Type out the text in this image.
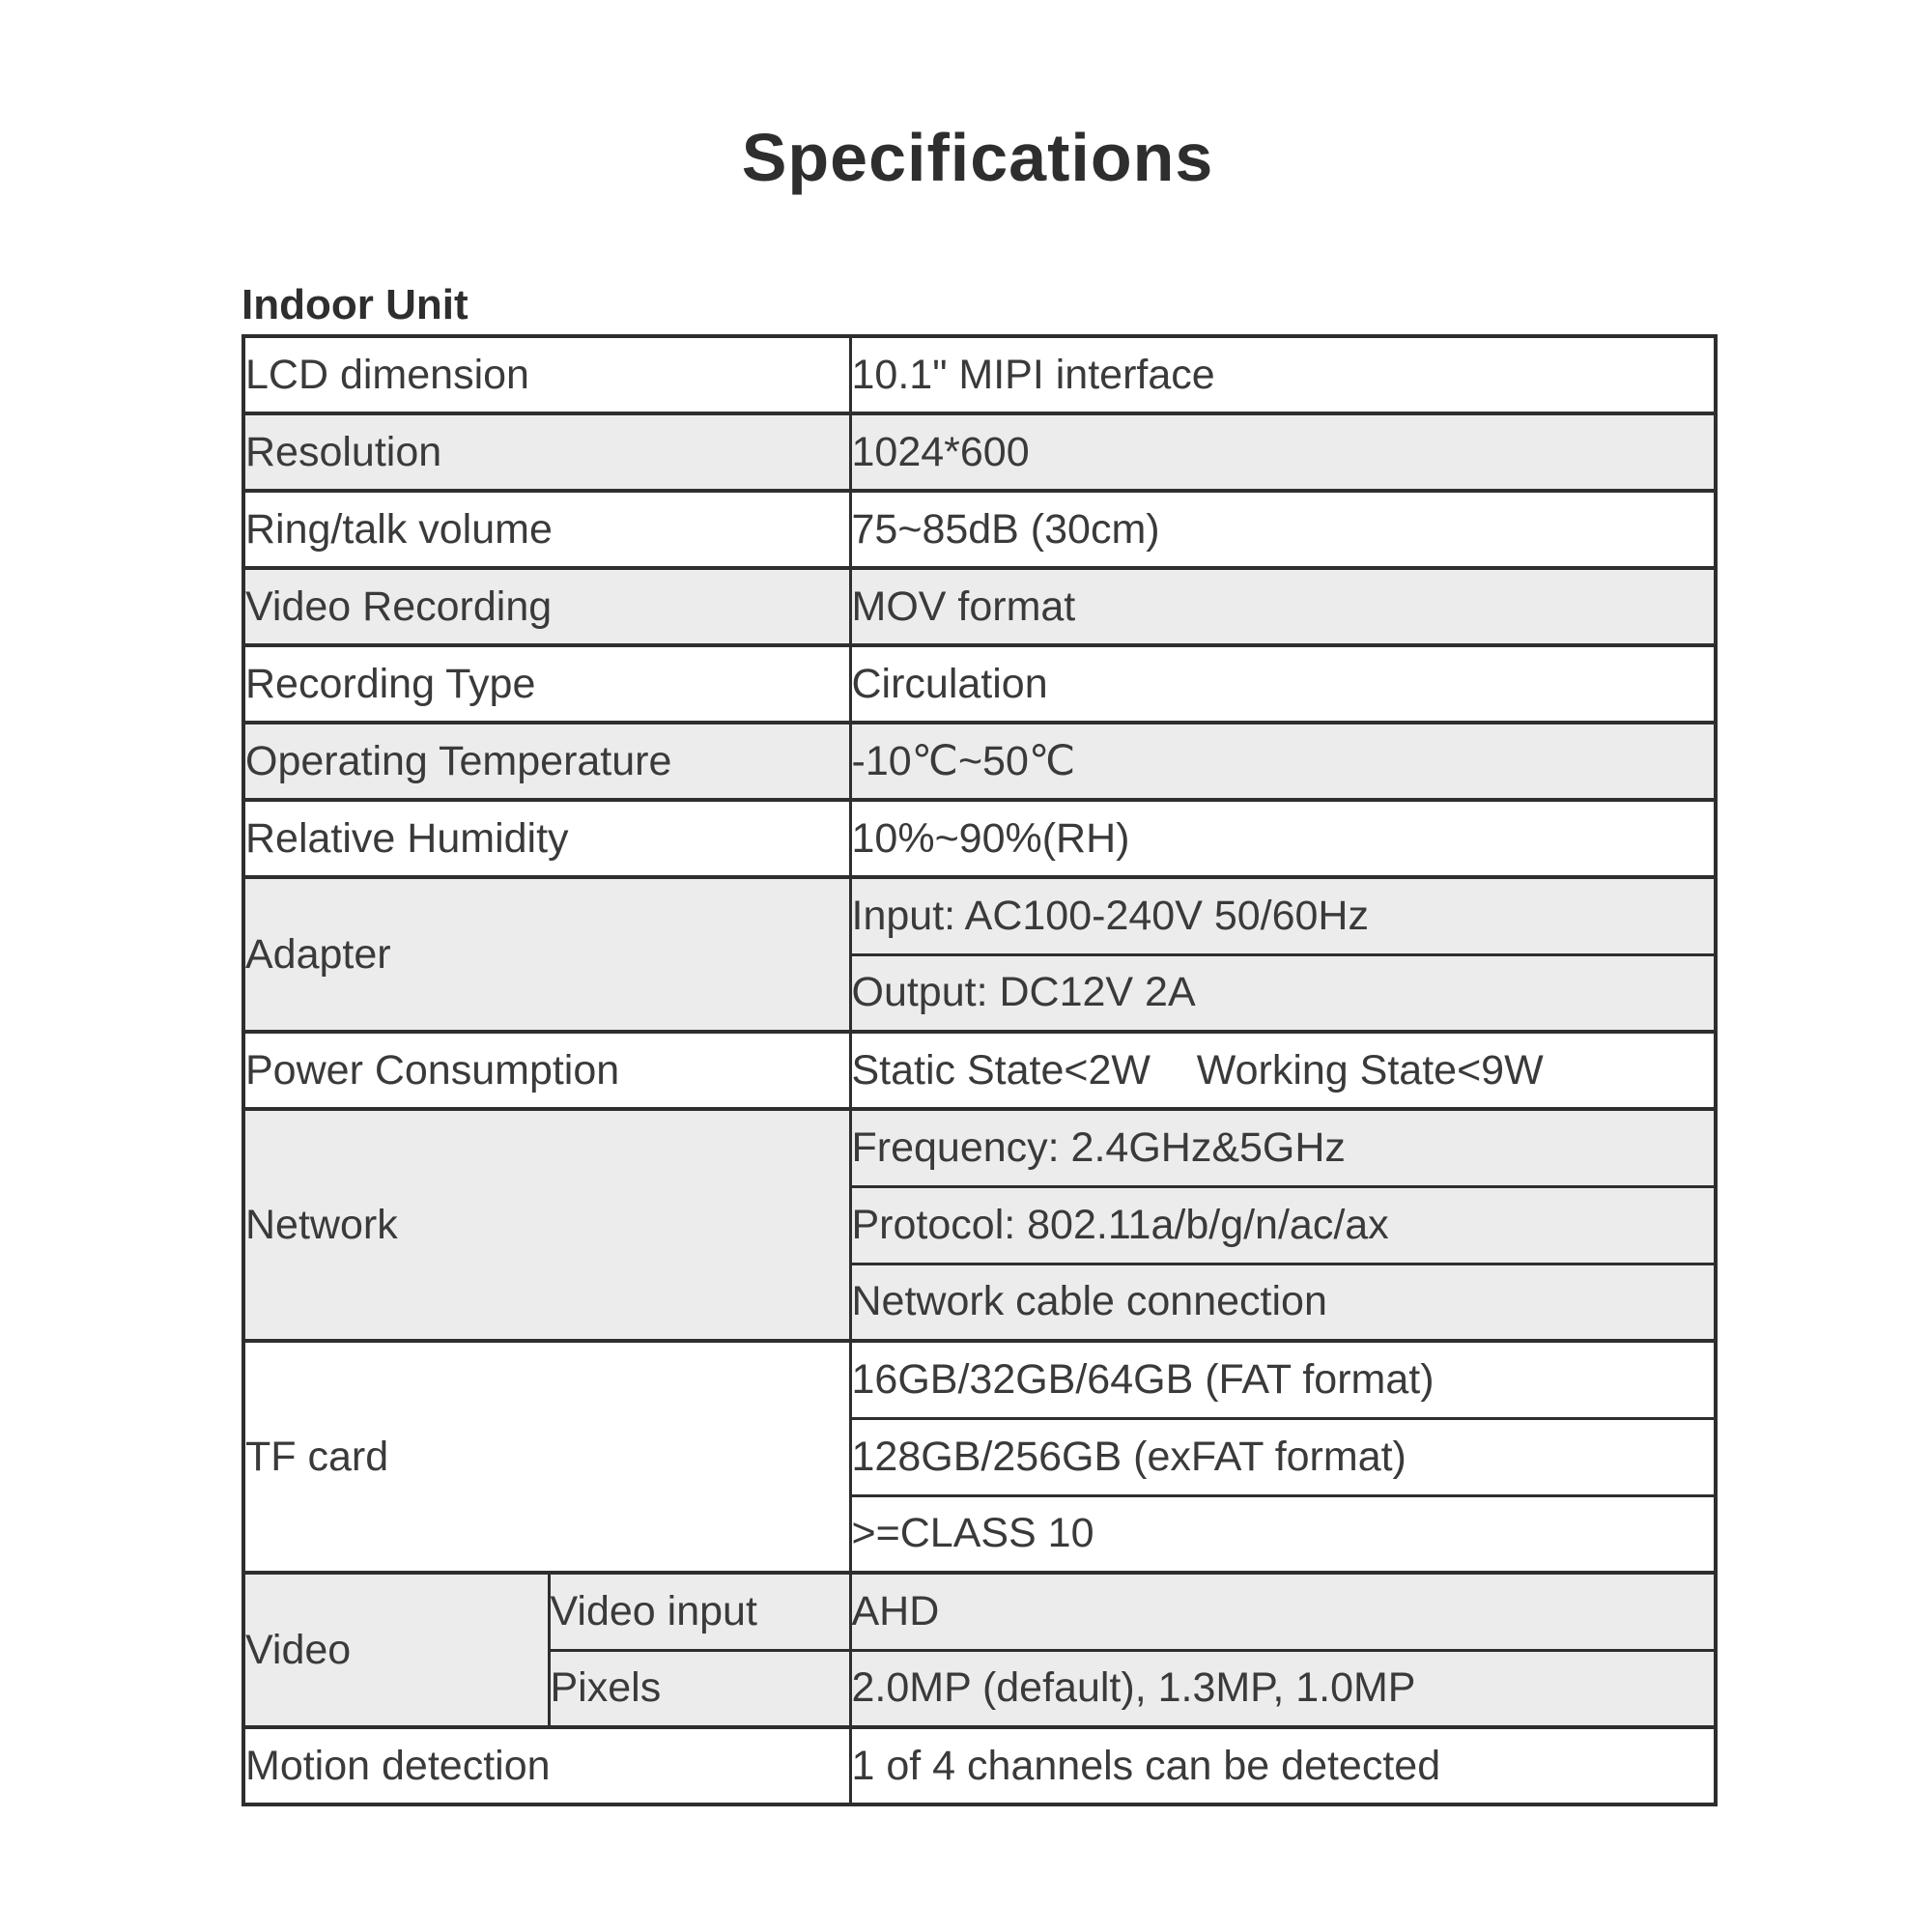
Specifications
Indoor Unit
LCD dimension		10.1" MIPI interface
Resolution		1024*600
Ring/talk volume		75~85dB (30cm)
Video Recording		MOV format
Recording Type		Circulation
Operating Temperature		-10℃~50℃
Relative Humidity		10%~90%(RH)
Adapter		Input: AC100-240V 50/60Hz
		Output: DC12V 2A
Power Consumption		Static State<2W    Working State<9W
Network		Frequency: 2.4GHz&5GHz
		Protocol: 802.11a/b/g/n/ac/ax
		Network cable connection
TF card		16GB/32GB/64GB (FAT format)
		128GB/256GB (exFAT format)
		>=CLASS 10
Video	Video input	AHD
	Pixels	2.0MP (default), 1.3MP, 1.0MP
Motion detection		1 of 4 channels can be detected
